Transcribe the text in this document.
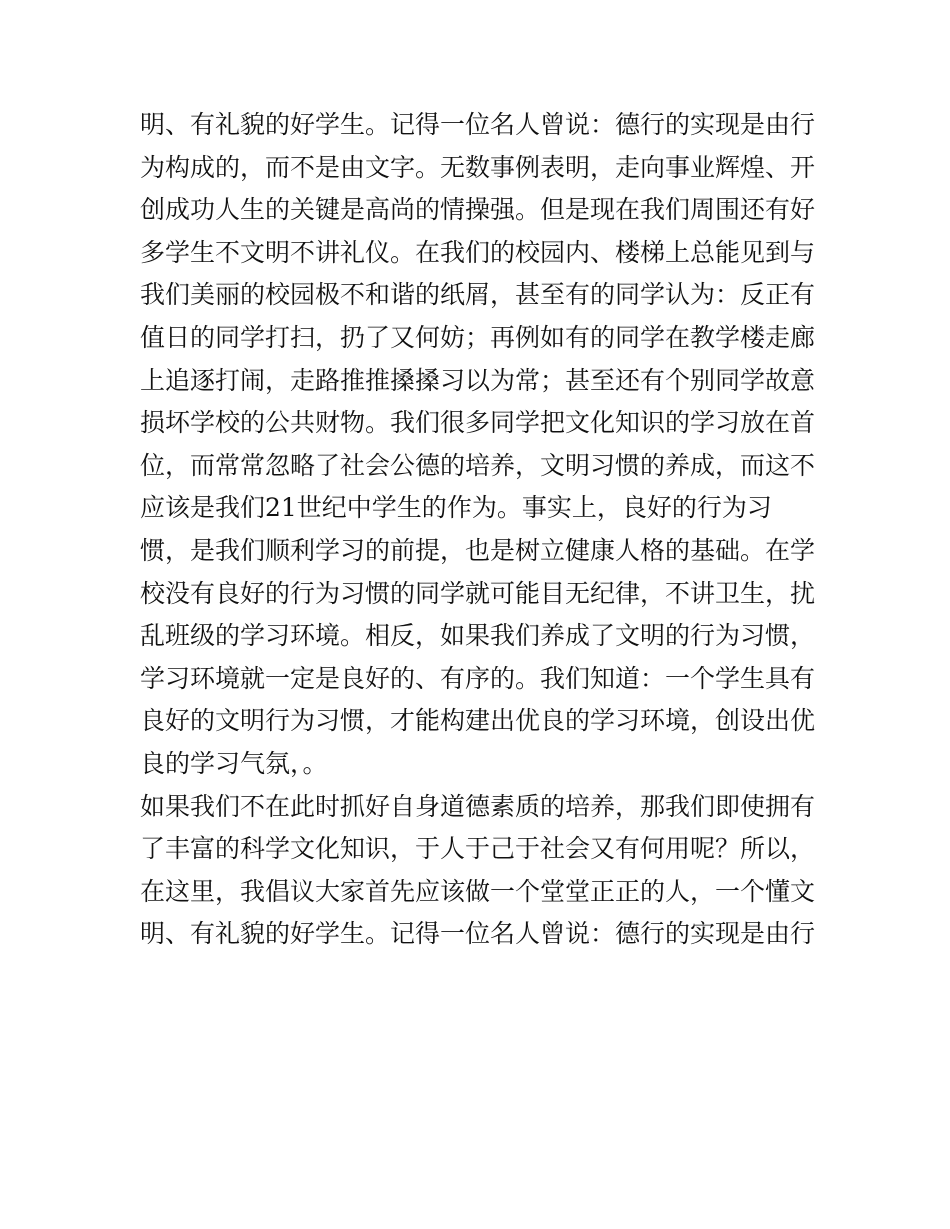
明、有礼貌的好学生。记得一位名人曾说：德行的实现是由行
为构成的，而不是由文字。无数事例表明，走向事业辉煌、开
创成功人生的关键是高尚的情操强。但是现在我们周围还有好
多学生不文明不讲礼仪。在我们的校园内、楼梯上总能见到与
我们美丽的校园极不和谐的纸屑，甚至有的同学认为：反正有
值日的同学打扫，扔了又何妨；再例如有的同学在教学楼走廊
上追逐打闹，走路推推搡搡习以为常；甚至还有个别同学故意
损坏学校的公共财物。我们很多同学把文化知识的学习放在首
位，而常常忽略了社会公德的培养，文明习惯的养成，而这不
应该是我们21世纪中学生的作为。事实上，良好的行为习
惯，是我们顺利学习的前提，也是树立健康人格的基础。在学
校没有良好的行为习惯的同学就可能目无纪律，不讲卫生，扰
乱班级的学习环境。相反，如果我们养成了文明的行为习惯，
学习环境就一定是良好的、有序的。我们知道：一个学生具有
良好的文明行为习惯，才能构建出优良的学习环境，创设出优
良的学习气氛，。
如果我们不在此时抓好自身道德素质的培养，那我们即使拥有
了丰富的科学文化知识，于人于己于社会又有何用呢？所以，
在这里，我倡议大家首先应该做一个堂堂正正的人，一个懂文
明、有礼貌的好学生。记得一位名人曾说：德行的实现是由行
